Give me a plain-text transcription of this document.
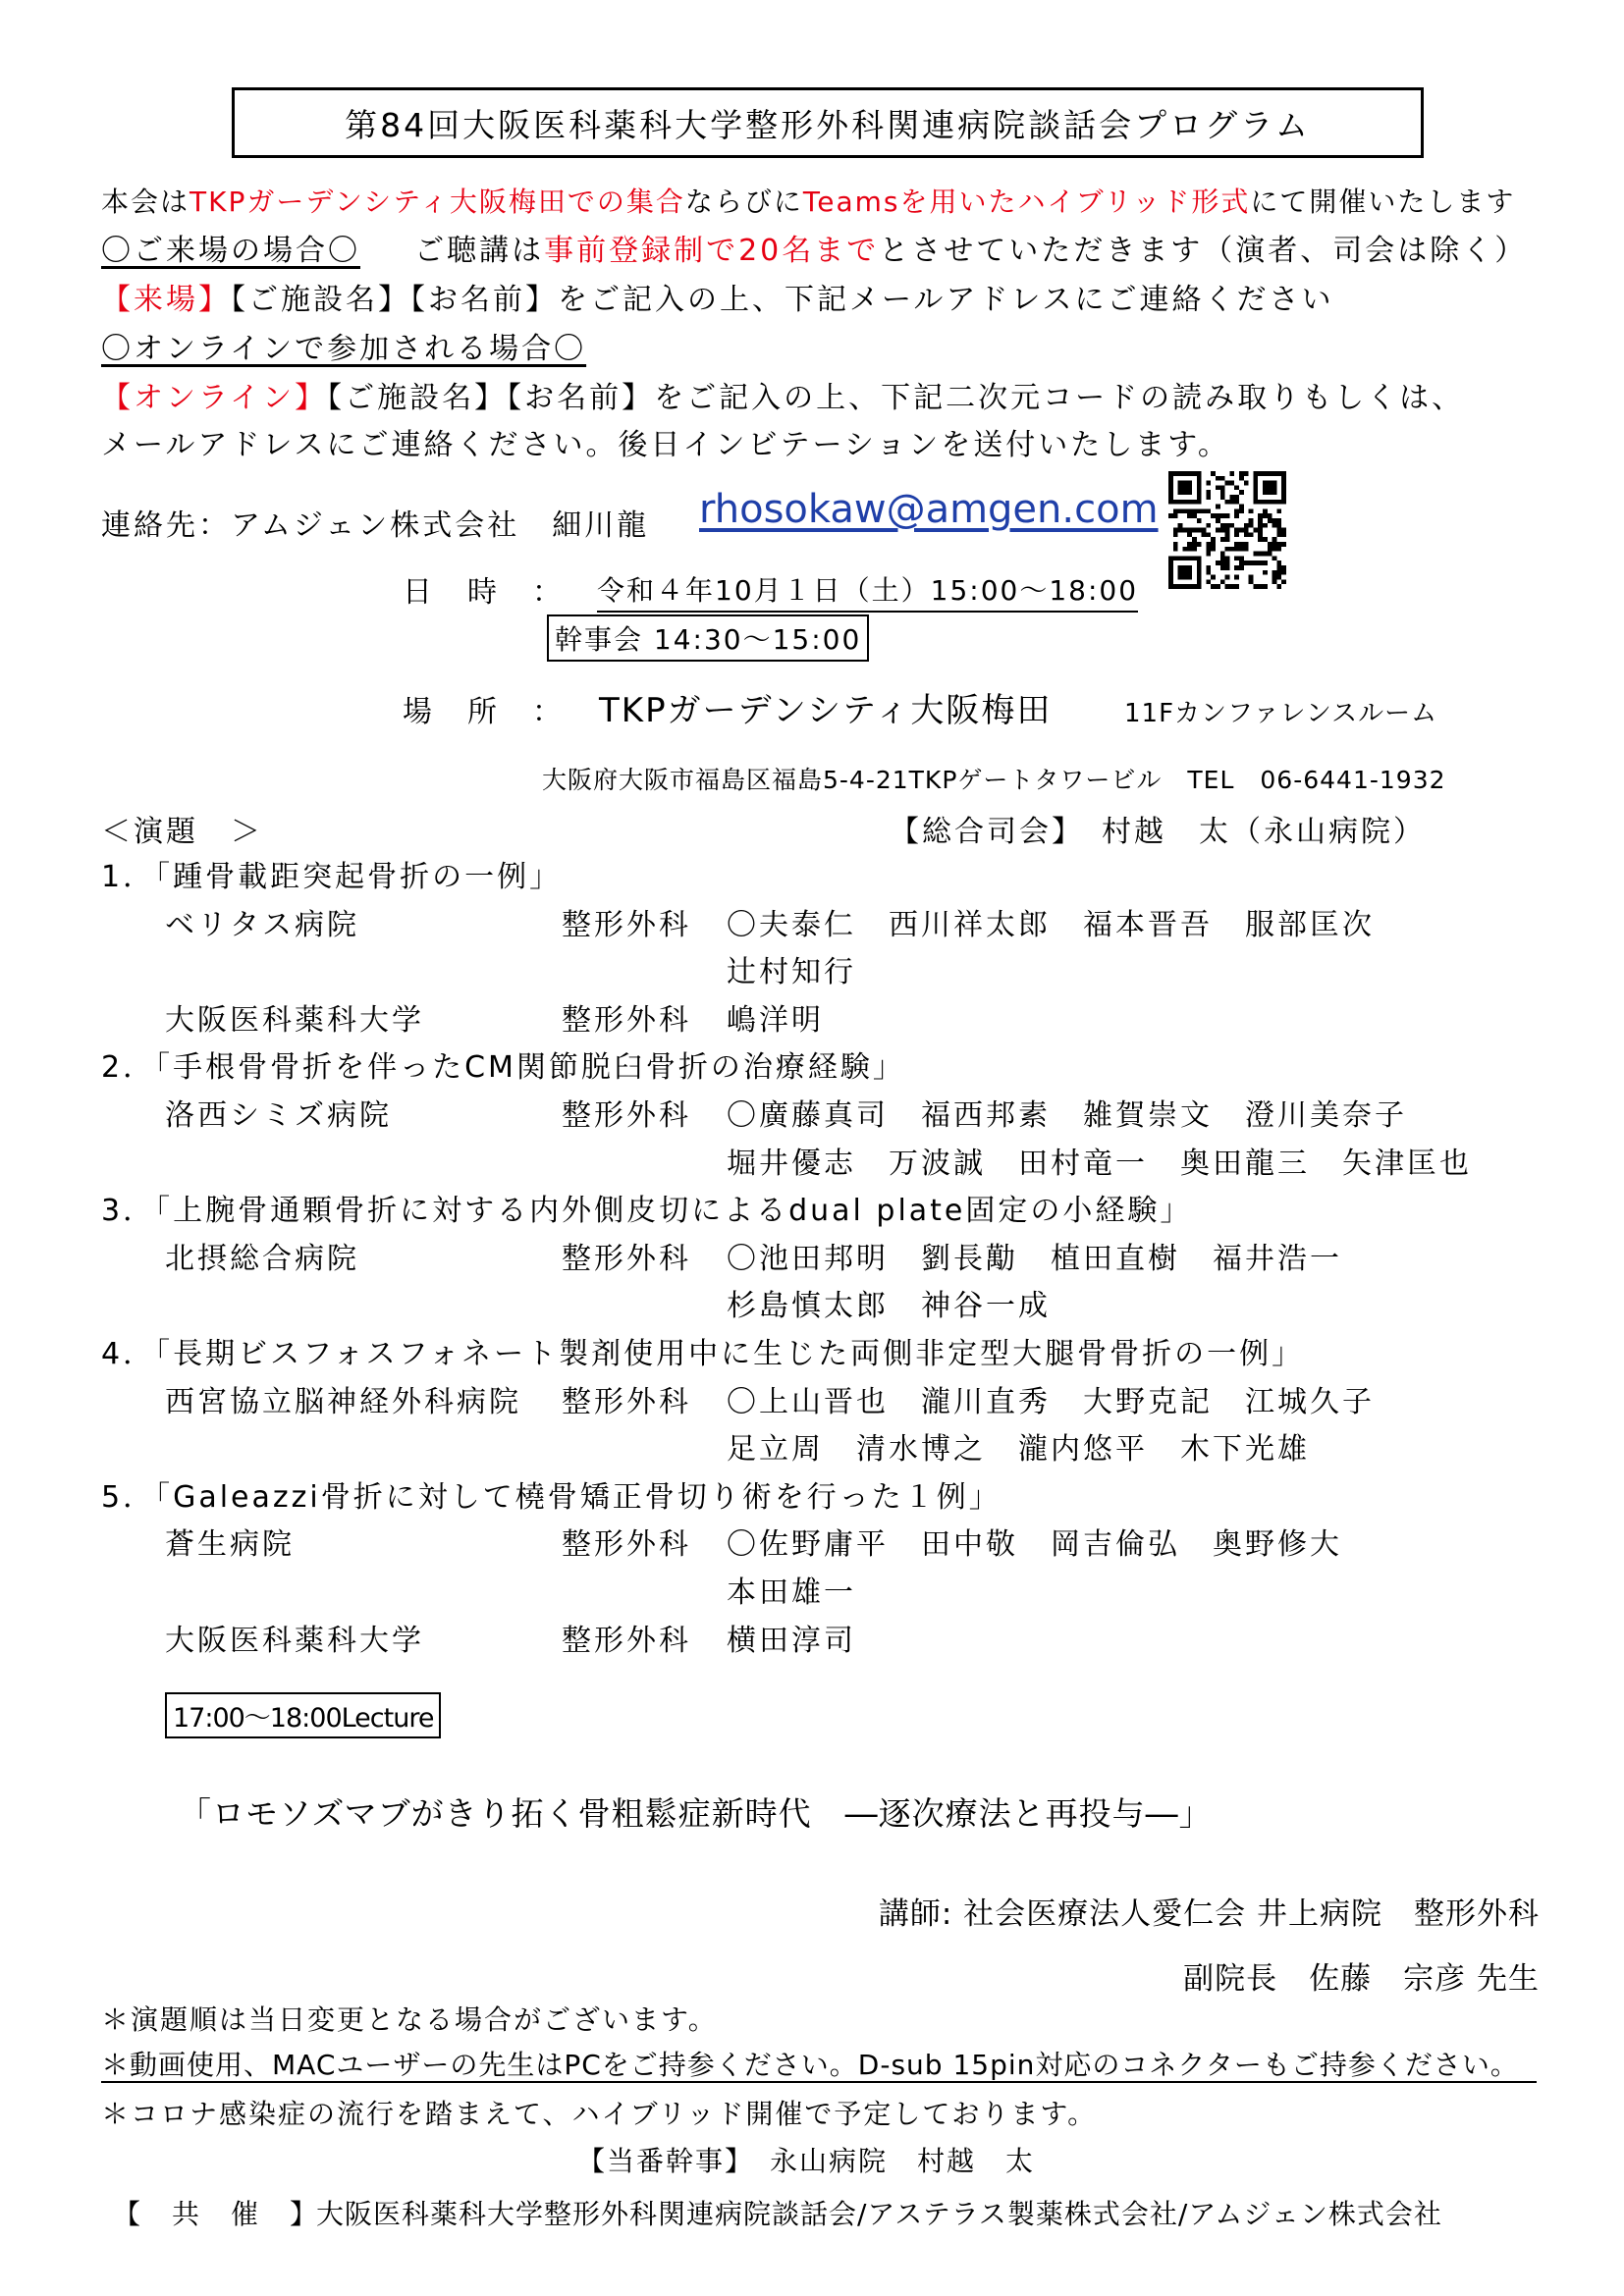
第84回大阪医科薬科大学整形外科関連病院談話会プログラム
本会はTKPガーデンシティ大阪梅田での集合ならびにTeamsを用いたハイブリッド形式にて開催いたします
〇ご来場の場合〇 ご聴講は事前登録制で20名までとさせていただきます（演者、司会は除く）
【来場】【ご施設名】【お名前】をご記入の上、下記メールアドレスにご連絡ください
〇オンラインで参加される場合〇
【オンライン】【ご施設名】【お名前】をご記入の上、下記二次元コードの読み取りもしくは、
メールアドレスにご連絡ください。後日インビテーションを送付いたします。
連絡先：アムジェン株式会社　細川龍 rhosokaw@amgen.com
日　時　： 令和４年10月１日（土）15:00～18:00
幹事会 14:30～15:00
場　所　： TKPガーデンシティ大阪梅田	11Fカンファレンスルーム
大阪府大阪市福島区福島5-4-21TKPゲートタワービル　TEL　06-6441-1932
＜演題　＞	【総合司会】　村越　太（永山病院）
1．「踵骨載距突起骨折の一例」
ベリタス病院	整形外科 〇夫泰仁　西川祥太郎　福本晋吾　服部匡次
辻村知行
大阪医科薬科大学	整形外科 嶋洋明
2．「手根骨骨折を伴ったCM関節脱臼骨折の治療経験」
洛西シミズ病院	整形外科 〇廣藤真司　福西邦素　雑賀崇文　澄川美奈子
堀井優志　万波誠　田村竜一　奥田龍三　矢津匡也
3．「上腕骨通顆骨折に対する内外側皮切によるdual plate固定の小経験」
北摂総合病院	整形外科 〇池田邦明　劉長勱　植田直樹　福井浩一
杉島慎太郎　神谷一成
4．「長期ビスフォスフォネート製剤使用中に生じた両側非定型大腿骨骨折の一例」
西宮協立脳神経外科病院 整形外科 〇上山晋也　瀧川直秀　大野克記　江城久子
足立周　清水博之　瀧内悠平　木下光雄
5．「Galeazzi骨折に対して橈骨矯正骨切り術を行った１例」
蒼生病院	整形外科 〇佐野庸平　田中敬　岡吉倫弘　奥野修大
本田雄一
大阪医科薬科大学	整形外科 横田淳司
17:00～18:00Lecture
「ロモソズマブがきり拓く骨粗鬆症新時代　―逐次療法と再投与―」
講師: 社会医療法人愛仁会 井上病院　整形外科
副院長　佐藤　宗彦 先生
＊演題順は当日変更となる場合がございます。
＊動画使用、MACユーザーの先生はPCをご持参ください。D-sub 15pin対応のコネクターもご持参ください。
＊コロナ感染症の流行を踏まえて、ハイブリッド開催で予定しております。
【当番幹事】　永山病院　村越　太
【　共　催　】
大阪医科薬科大学整形外科関連病院談話会/アステラス製薬株式会社/アムジェン株式会社
